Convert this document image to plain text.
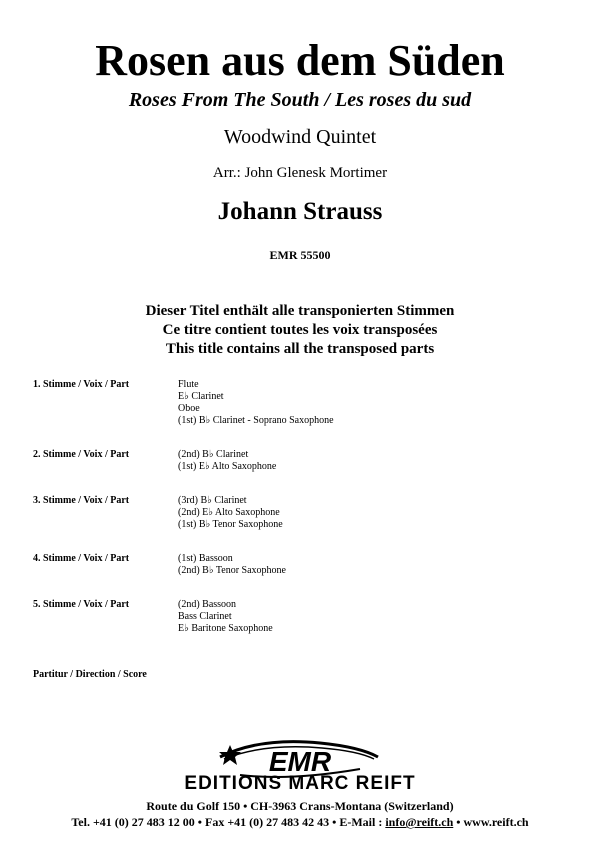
Rosen aus dem Süden
Roses From The South / Les roses du sud
Woodwind Quintet
Arr.: John Glenesk Mortimer
Johann Strauss
EMR 55500
Dieser Titel enthält alle transponierten Stimmen
Ce titre contient toutes les voix transposées
This title contains all the transposed parts
1. Stimme / Voix / Part	Flute
E♭ Clarinet
Oboe
(1st) B♭ Clarinet - Soprano Saxophone
2. Stimme / Voix / Part	(2nd) B♭ Clarinet
(1st) E♭ Alto Saxophone
3. Stimme / Voix / Part	(3rd) B♭ Clarinet
(2nd) E♭ Alto Saxophone
(1st) B♭ Tenor Saxophone
4. Stimme / Voix / Part	(1st) Bassoon
(2nd) B♭ Tenor Saxophone
5. Stimme / Voix / Part	(2nd) Bassoon
Bass Clarinet
E♭ Baritone Saxophone
Partitur / Direction / Score
EMR
EDITIONS MARC REIFT
Route du Golf 150 • CH-3963 Crans-Montana (Switzerland)
Tel. +41 (0) 27 483 12 00 • Fax +41 (0) 27 483 42 43 • E-Mail : info@reift.ch • www.reift.ch
